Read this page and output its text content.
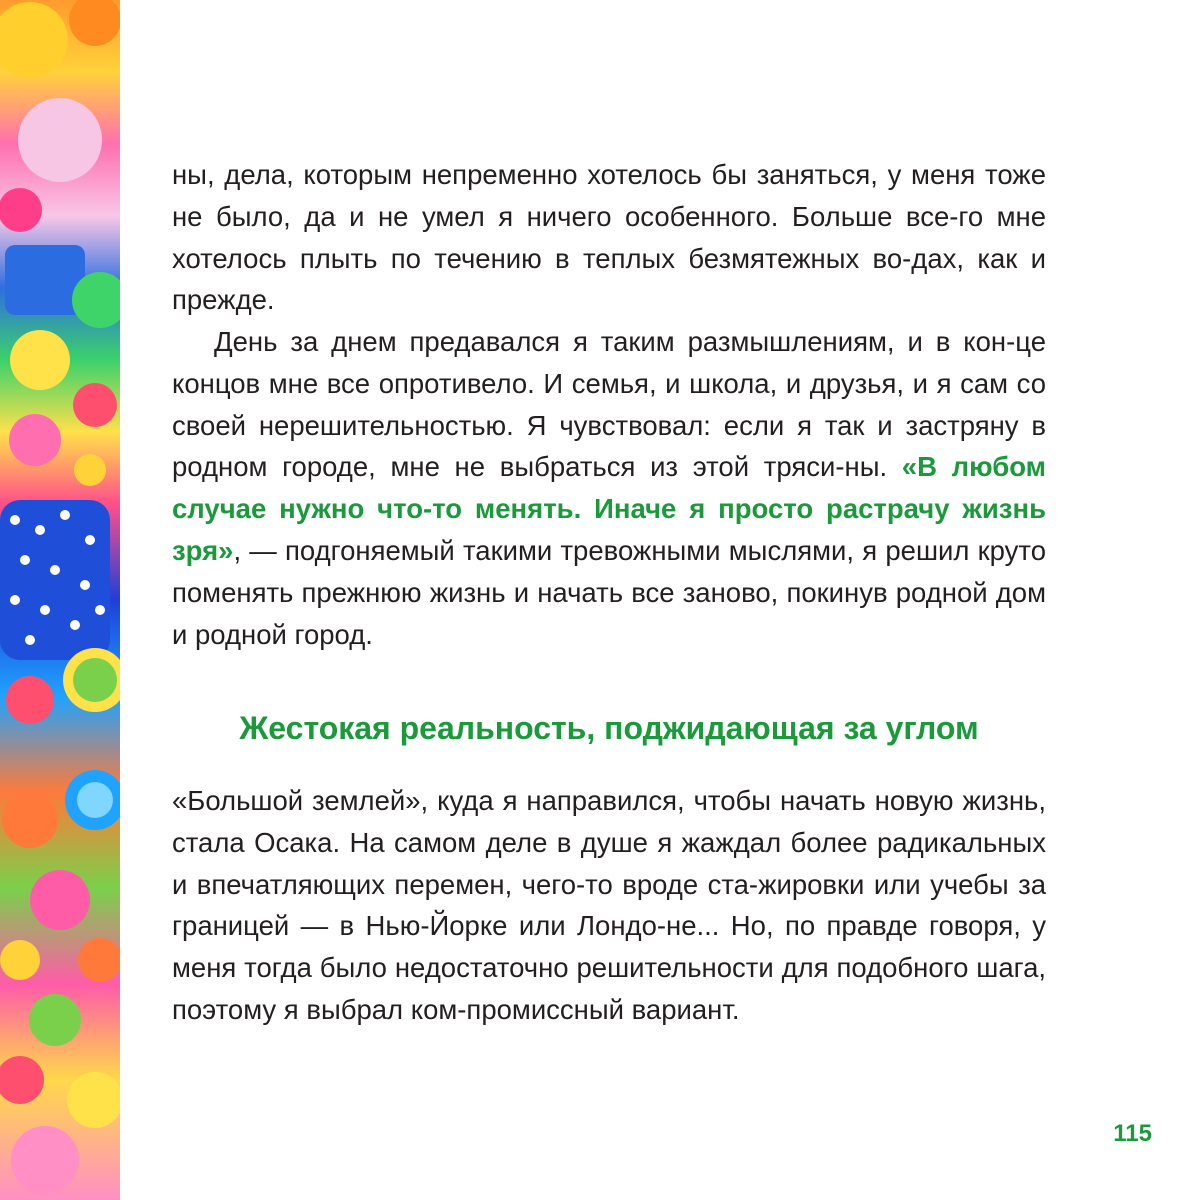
ны, дела, которым непременно хотелось бы заняться, у меня тоже не было, да и не умел я ничего особенного. Больше все-го мне хотелось плыть по течению в теплых безмятежных во-дах, как и прежде.

День за днем предавался я таким размышлениям, и в кон-це концов мне все опротивело. И семья, и школа, и друзья, и я сам со своей нерешительностью. Я чувствовал: если я так и застряну в родном городе, мне не выбраться из этой тряси-ны. «В любом случае нужно что-то менять. Иначе я просто растрачу жизнь зря», — подгоняемый такими тревожными мыслями, я решил круто поменять прежнюю жизнь и начать все заново, покинув родной дом и родной город.

Жестокая реальность, поджидающая за углом

«Большой землей», куда я направился, чтобы начать новую жизнь, стала Осака. На самом деле в душе я жаждал более радикальных и впечатляющих перемен, чего-то вроде ста-жировки или учебы за границей — в Нью-Йорке или Лондо-не... Но, по правде говоря, у меня тогда было недостаточно решительности для подобного шага, поэтому я выбрал ком-промиссный вариант.

115
